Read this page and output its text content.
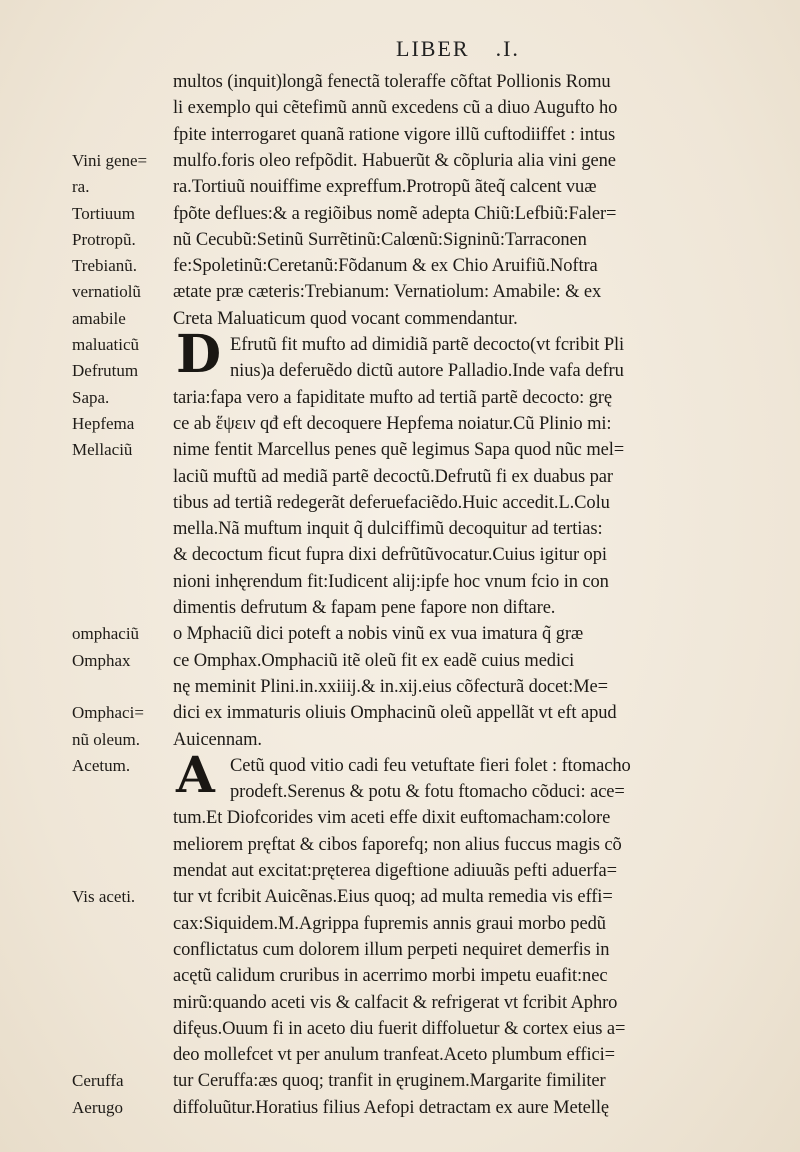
LIBER .I.
multos (inquit)longã fenectã toleraffe cõftat Pollionis Romu
li exemplo qui cẽtefimũ annũ excedens cũ a diuo Augufto ho
fpite interrogaret quanã ratione vigore illũ cuftodiiffet : intus
Vini gene=	mulfo.foris oleo refpõdit. Habuerũt & cõpluria alia vini gene
ra.	ra.Tortiuũ nouiffime expreffum.Protropũ ãteq̃ calcent vuæ
Tortiuum	fpõte deflues:& a regiõibus nomẽ adepta Chiũ:Lefbiũ:Faler=
Protropũ.	nũ Cecubũ:Setinũ Surrẽtinũ:Calœnũ:Signinũ:Tarraconen
Trebianũ.	fe:Spoletinũ:Ceretanũ:Fõdanum & ex Chio Aruifiũ.Noftra
vernatiolũ	ætate præ cæteris:Trebianum: Vernatiolum: Amabile: & ex
amabile	Creta Maluaticum quod vocant commendantur.
maluaticũ	Efrutũ fit mufto ad dimidiã partẽ decocto(vt fcribit Pli
Defrutum	nius)a deferuẽdo dictũ autore Palladio.Inde vafa defru
Sapa.	taria:fapa vero a fapiditate mufto ad tertiã partẽ decocto: grę
Hepfema	ce ab ἕψειν qđ eft decoquere Hepfema noiatur.Cũ Plinio mi:
Mellaciũ	nime fentit Marcellus penes quẽ legimus Sapa quod nũc mel=
laciũ muftũ ad mediã partẽ decoctũ.Defrutũ fi ex duabus par
tibus ad tertiã redegerãt deferuefaciẽdo.Huic accedit.L.Colu
mella.Nã muftum inquit q̃ dulciffimũ decoquitur ad tertias:
& decoctum ficut fupra dixi defrũtũvocatur.Cuius igitur opi
nioni inhęrendum fit:Iudicent alij:ipfe hoc vnum fcio in con
dimentis defrutum & fapam pene fapore non diftare.
omphaciũ	o Mphaciũ dici poteft a nobis vinũ ex vua imatura q̃ græ
Omphax	ce Omphax.Omphaciũ itẽ oleũ fit ex eadẽ cuius medici
nę meminit Plini.in.xxiiij.& in.xij.eius cõfecturã docet:Me=
Omphaci=	dici ex immaturis oliuis Omphacinũ oleũ appellãt vt eft apud
nũ oleum.	Auicennam.
Acetum.	Cetũ quod vitio cadi feu vetuftate fieri folet : ftomacho
prodeft.Serenus & potu & fotu ftomacho cõduci: ace=
tum.Et Diofcorides vim aceti effe dixit euftomacham:colore
meliorem pręftat & cibos faporefq; non alius fuccus magis cõ
mendat aut excitat:pręterea digeftione adiuuãs pefti aduerfa=
Vis aceti.	tur vt fcribit Auicẽnas.Eius quoq; ad multa remedia vis effi=
cax:Siquidem.M.Agrippa fupremis annis graui morbo pedũ
conflictatus cum dolorem illum perpeti nequiret demerfis in
acętũ calidum cruribus in acerrimo morbi impetu euafit:nec
mirũ:quando aceti vis & calfacit & refrigerat vt fcribit Aphro
difęus.Ouum fi in aceto diu fuerit diffoluetur & cortex eius a=
deo mollefcet vt per anulum tranfeat.Aceto plumbum effici=
Ceruffa	tur Ceruffa:æs quoq; tranfit in ęruginem.Margarite fimiliter
Aerugo	diffoluũtur.Horatius filius Aefopi detractam ex aure Metellę
D
A
